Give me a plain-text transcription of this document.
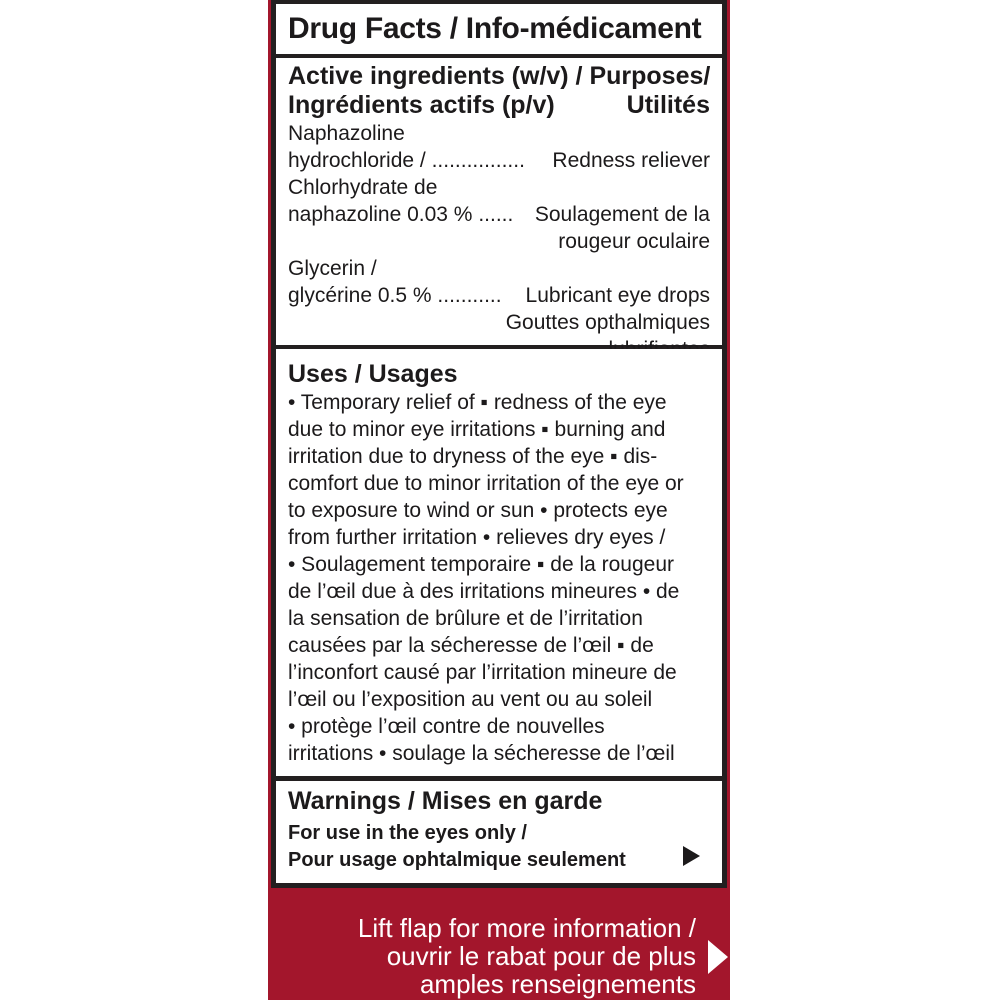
Drug Facts / Info-médicament
Active ingredients (w/v) / Purposes/
Ingrédients actifs (p/v)	Utilités
Naphazoline
hydrochloride / ................ Redness reliever
Chlorhydrate de
naphazoline 0.03 % ...... Soulagement de la
rougeur oculaire
Glycerin /
glycérine 0.5 % ........... Lubricant eye drops
Gouttes opthalmiques
Uses / Usages
• Temporary relief of ▪ redness of the eye
due to minor eye irritations ▪ burning and
irritation due to dryness of the eye ▪ dis-
comfort due to minor irritation of the eye or
to exposure to wind or sun • protects eye
from further irritation • relieves dry eyes /
• Soulagement temporaire ▪ de la rougeur
de l’œil due à des irritations mineures • de
la sensation de brûlure et de l’irritation
causées par la sécheresse de l’œil ▪ de
l’inconfort causé par l’irritation mineure de
l’œil ou l’exposition au vent ou au soleil
• protège l’œil contre de nouvelles
irritations • soulage la sécheresse de l’œil
Warnings / Mises en garde
For use in the eyes only /
Pour usage ophtalmique seulement
Lift flap for more information /
ouvrir le rabat pour de plus
amples renseignements
